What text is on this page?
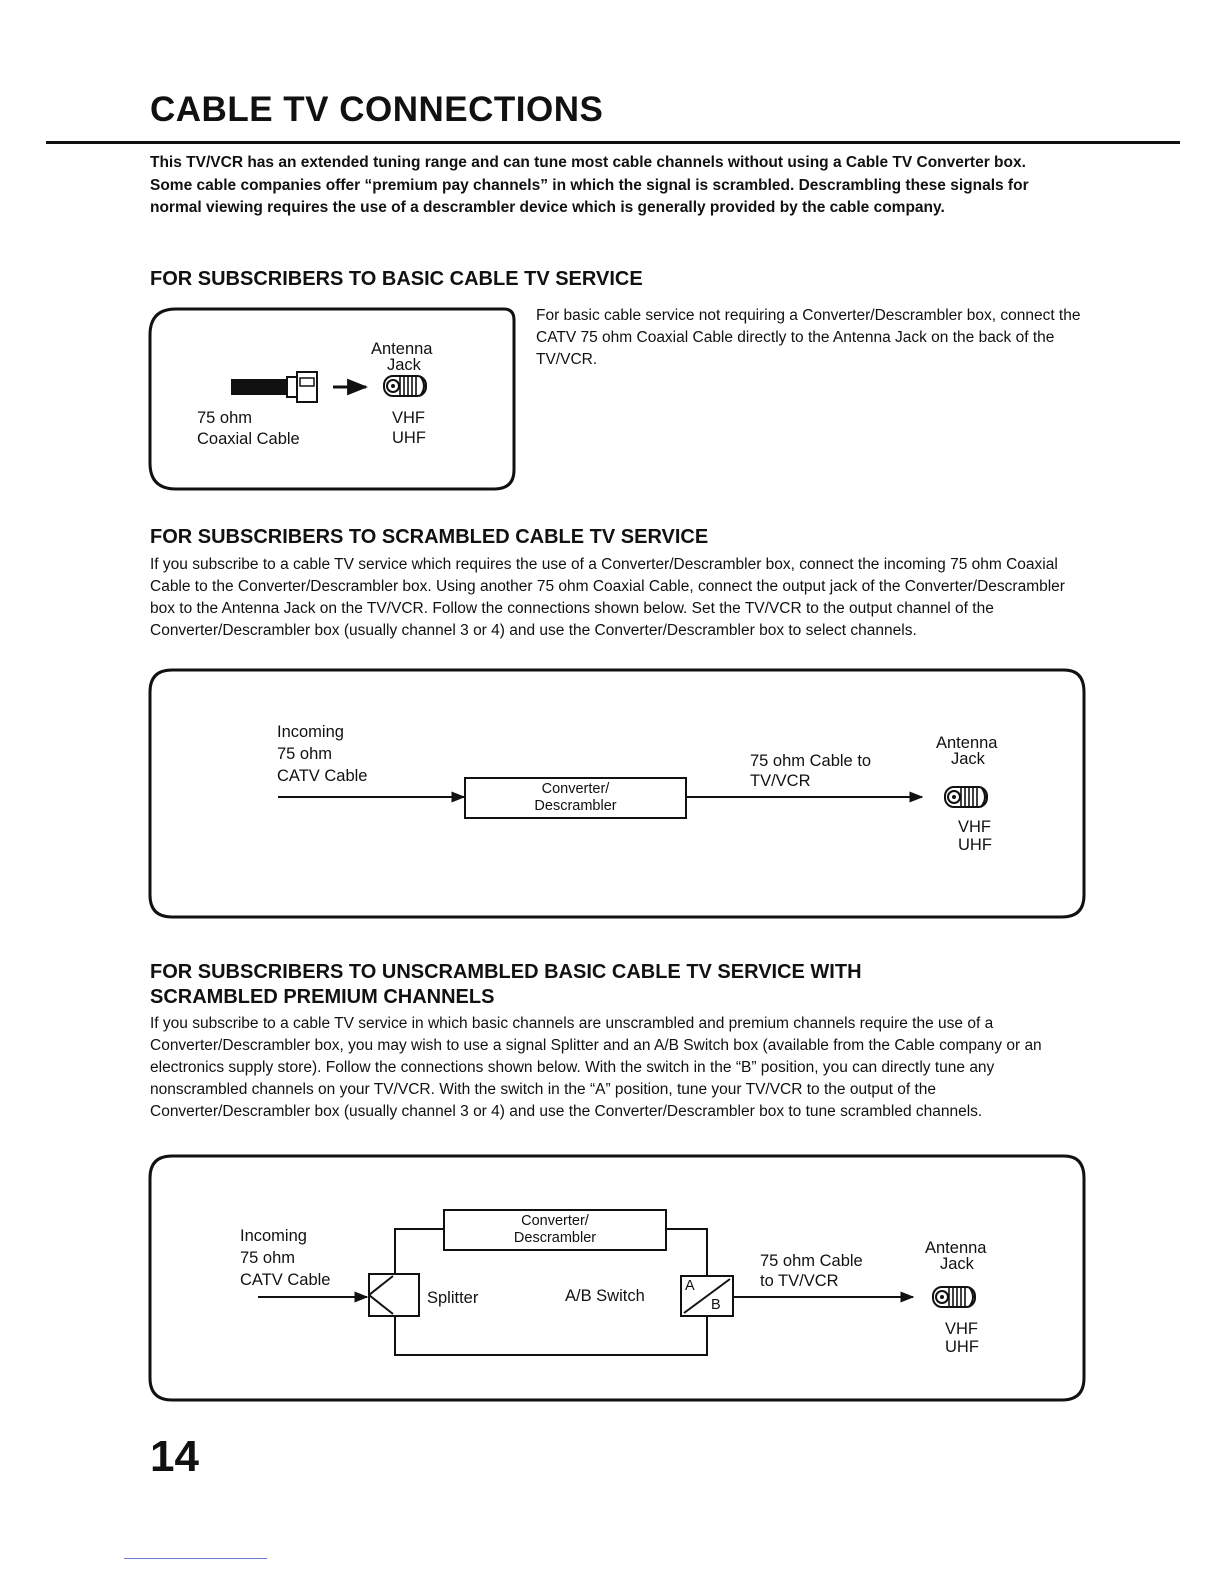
CABLE TV CONNECTIONS
This TV/VCR has an extended tuning range and can tune most cable channels without using a Cable TV Converter box. Some cable companies offer “premium pay channels” in which the signal is scrambled. Descrambling these signals for normal viewing requires the use of a descrambler device which is generally provided by the cable company.
FOR SUBSCRIBERS TO BASIC CABLE TV SERVICE
For basic cable service not requiring a Converter/Descrambler box, connect the CATV 75 ohm Coaxial Cable directly to the Antenna Jack on the back of the TV/VCR.
Antenna
Jack
75 ohm
Coaxial Cable
VHF
UHF
FOR SUBSCRIBERS TO SCRAMBLED CABLE TV SERVICE
If you subscribe to a cable TV service which requires the use of a Converter/Descrambler box, connect the incoming 75 ohm Coaxial Cable to the Converter/Descrambler box. Using another 75 ohm Coaxial Cable, connect the output jack of the Converter/Descrambler box to the Antenna Jack on the TV/VCR. Follow the connections shown below. Set the TV/VCR to the output channel of the Converter/Descrambler box (usually channel 3 or 4) and use the Converter/Descrambler box to select channels.
Incoming
75 ohm
CATV Cable
Converter/
Descrambler
75 ohm Cable to
TV/VCR
Antenna
Jack
VHF
UHF
FOR SUBSCRIBERS TO UNSCRAMBLED BASIC CABLE TV SERVICE WITH
SCRAMBLED PREMIUM CHANNELS
If you subscribe to a cable TV service in which basic channels are unscrambled and premium channels require the use of a Converter/Descrambler box, you may wish to use a signal Splitter and an A/B Switch box (available from the Cable company or an electronics supply store). Follow the connections shown below. With the switch in the “B” position, you can directly tune any nonscrambled channels on your TV/VCR. With the switch in the “A” position, tune your TV/VCR to the output of the Converter/Descrambler box (usually channel 3 or 4) and use the Converter/Descrambler box to tune scrambled channels.
Incoming
75 ohm
CATV Cable
Converter/
Descrambler
Splitter	A/B Switch
A
B
75 ohm Cable
to TV/VCR
Antenna
Jack
VHF
UHF
14
